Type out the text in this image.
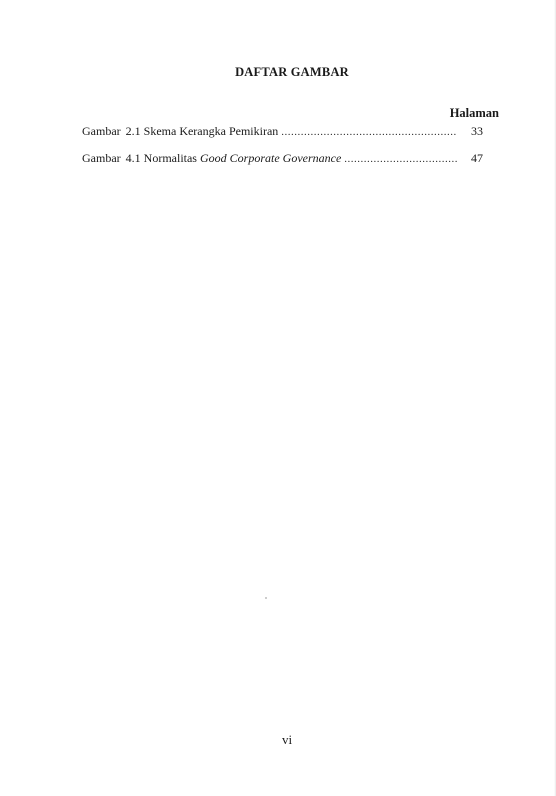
DAFTAR GAMBAR
Halaman
Gambar 2.1 Skema Kerangka Pemikiran .....	33
Gambar 4.1 Normalitas Good Corporate Governance .....	47
vi
